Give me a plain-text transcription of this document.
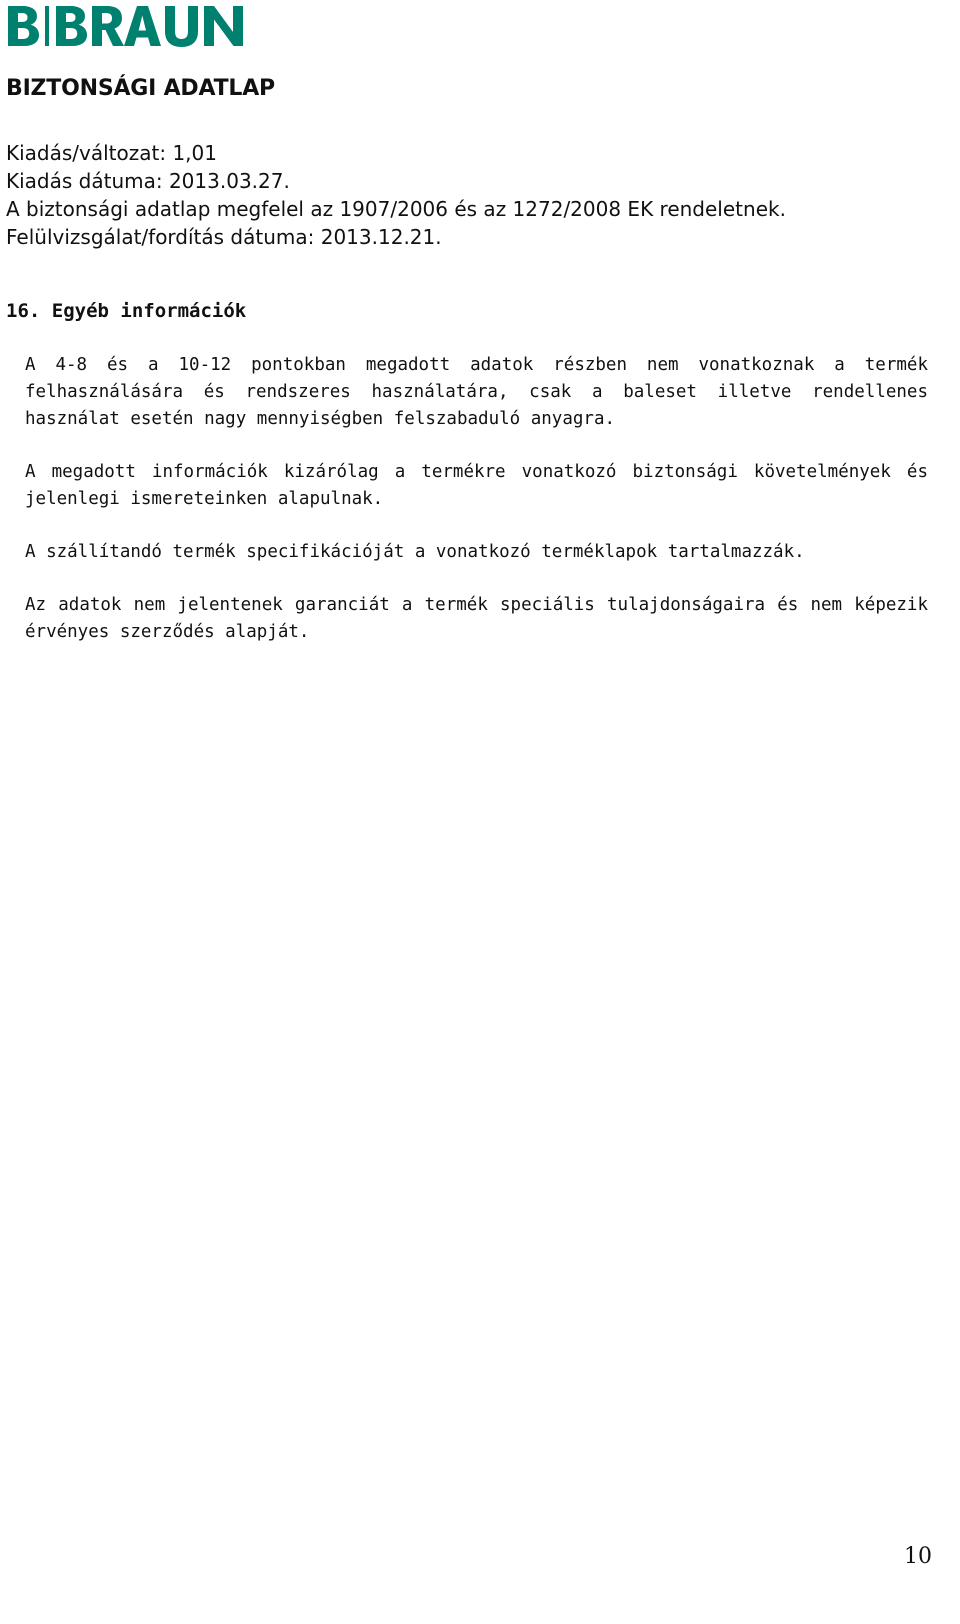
BIZTONSÁGI ADATLAP
Kiadás/változat: 1,01
Kiadás dátuma: 2013.03.27.
A biztonsági adatlap megfelel az 1907/2006 és az 1272/2008 EK rendeletnek.
Felülvizsgálat/fordítás dátuma: 2013.12.21.
16. Egyéb információk

A 4-8 és a 10-12 pontokban megadott adatok részben nem vonatkoznak a termék felhasználására és rendszeres használatára, csak a baleset illetve rendellenes használat esetén nagy mennyiségben felszabaduló anyagra.

A megadott információk kizárólag a termékre vonatkozó biztonsági követelmények és jelenlegi ismereteinken alapulnak.

A szállítandó termék specifikációját a vonatkozó terméklapok tartalmazzák.

Az adatok nem jelentenek garanciát a termék speciális tulajdonságaira és nem képezik érvényes szerződés alapját.

10
